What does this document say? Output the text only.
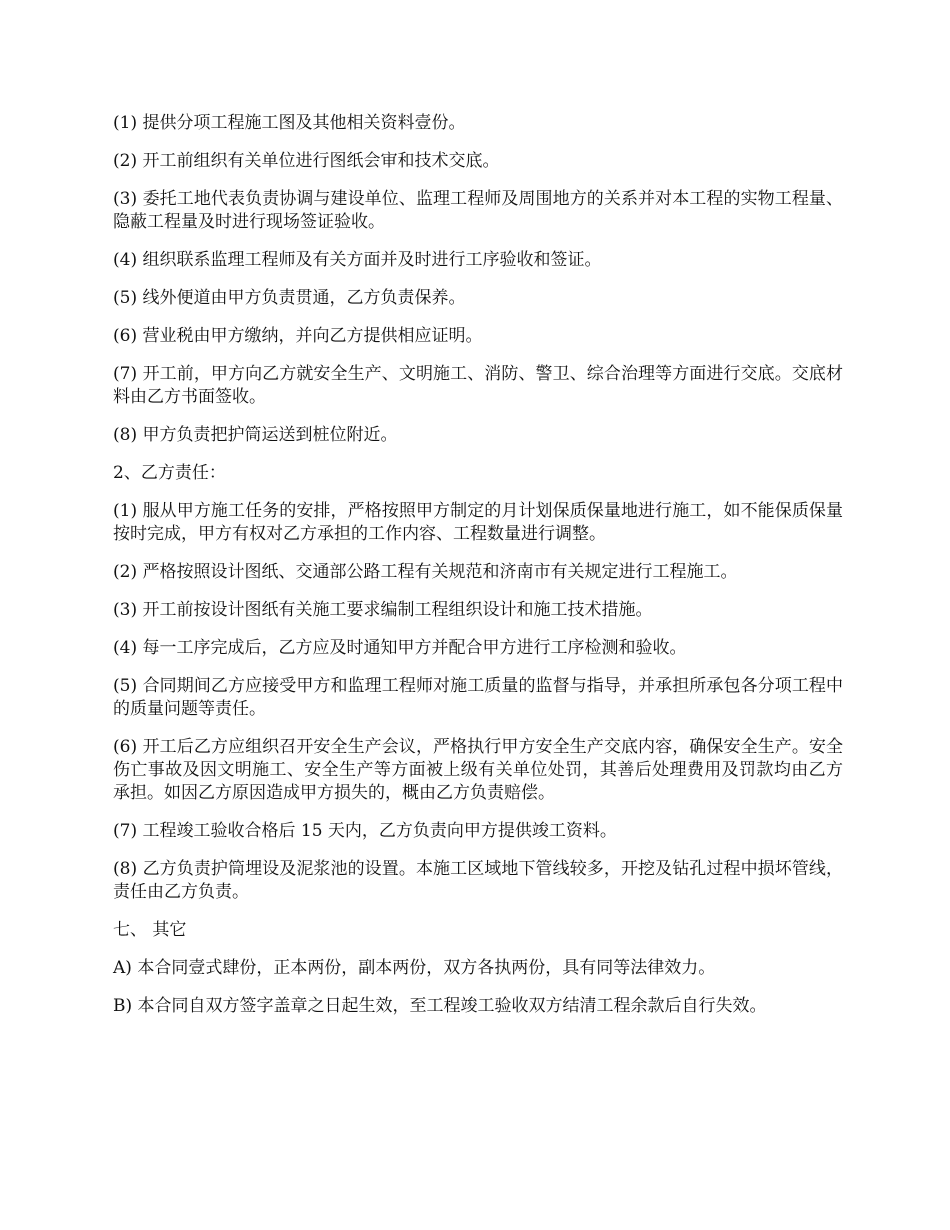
(1) 提供分项工程施工图及其他相关资料壹份。

(2) 开工前组织有关单位进行图纸会审和技术交底。

(3) 委托工地代表负责协调与建设单位、监理工程师及周围地方的关系并对本工程的实物工程量、隐蔽工程量及时进行现场签证验收。

(4) 组织联系监理工程师及有关方面并及时进行工序验收和签证。

(5) 线外便道由甲方负责贯通，乙方负责保养。

(6) 营业税由甲方缴纳，并向乙方提供相应证明。

(7) 开工前，甲方向乙方就安全生产、文明施工、消防、警卫、综合治理等方面进行交底。交底材料由乙方书面签收。

(8) 甲方负责把护筒运送到桩位附近。

2、乙方责任：

(1) 服从甲方施工任务的安排，严格按照甲方制定的月计划保质保量地进行施工，如不能保质保量按时完成，甲方有权对乙方承担的工作内容、工程数量进行调整。

(2) 严格按照设计图纸、交通部公路工程有关规范和济南市有关规定进行工程施工。

(3) 开工前按设计图纸有关施工要求编制工程组织设计和施工技术措施。

(4) 每一工序完成后，乙方应及时通知甲方并配合甲方进行工序检测和验收。

(5) 合同期间乙方应接受甲方和监理工程师对施工质量的监督与指导，并承担所承包各分项工程中的质量问题等责任。

(6) 开工后乙方应组织召开安全生产会议，严格执行甲方安全生产交底内容，确保安全生产。安全伤亡事故及因文明施工、安全生产等方面被上级有关单位处罚，其善后处理费用及罚款均由乙方承担。如因乙方原因造成甲方损失的，概由乙方负责赔偿。

(7) 工程竣工验收合格后 15 天内，乙方负责向甲方提供竣工资料。

(8) 乙方负责护筒埋设及泥浆池的设置。本施工区域地下管线较多，开挖及钻孔过程中损坏管线，责任由乙方负责。

七、 其它

A) 本合同壹式肆份，正本两份，副本两份，双方各执两份，具有同等法律效力。

B) 本合同自双方签字盖章之日起生效，至工程竣工验收双方结清工程余款后自行失效。
